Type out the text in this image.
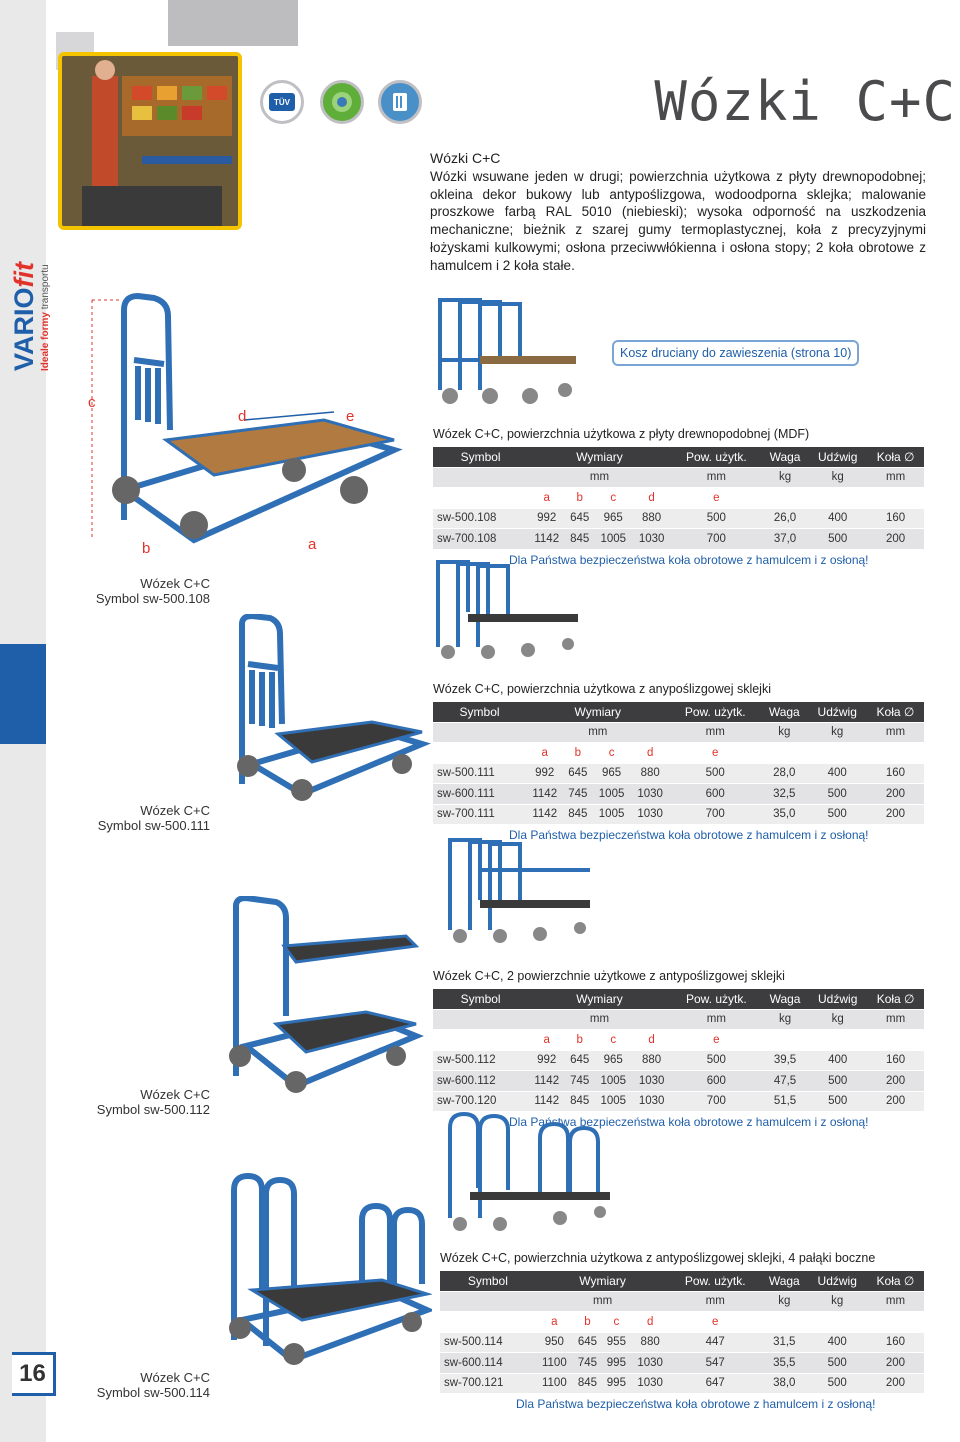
16
VARIOfit
Ideale formy transportu
TÜV	Wózki C+C
Wózki C+C
Wózki wsuwane jeden w drugi; powierzchnia użytkowa z płyty drewnopodobnej; okleina dekor bukowy lub antypoślizgowa, wodoodporna sklejka; malowanie proszkowe farbą RAL 5010 (niebieski); wysoka odporność na uszkodzenia mechaniczne; bieżnik z szarej gumy termoplastycznej, koła z precyzyjnymi łożyskami kulkowymi; osłona przeciwwłókienna i osłona stopy; 2 koła obrotowe z hamulcem i 2 koła stałe.
Kosz druciany do zawieszenia (strona 10)
c
d	e
b	a
Wózek C+C
Symbol sw-500.108
Wózek C+C, powierzchnia użytkowa z płyty drewnopodobnej (MDF)
Symbol	Wymiary				Pow. użytk.	Waga	Udźwig	Koła ∅
	mm				mm	kg	kg	mm
	a	b	c	d	e			
sw-500.108	992	645	965	880	500	26,0	400	160
sw-700.108	1142	845	1005	1030	700	37,0	500	200
Dla Państwa bezpieczeństwa koła obrotowe z hamulcem i z osłoną!
Wózek C+C
Symbol sw-500.111
Wózek C+C, powierzchnia użytkowa z anypoślizgowej sklejki
Symbol	Wymiary				Pow. użytk.	Waga	Udźwig	Koła ∅
	mm				mm	kg	kg	mm
	a	b	c	d	e			
sw-500.111	992	645	965	880	500	28,0	400	160
sw-600.111	1142	745	1005	1030	600	32,5	500	200
sw-700.111	1142	845	1005	1030	700	35,0	500	200
Dla Państwa bezpieczeństwa koła obrotowe z hamulcem i z osłoną!
Wózek C+C
Symbol sw-500.112
Wózek C+C, 2 powierzchnie użytkowe z antypoślizgowej sklejki
Symbol	Wymiary				Pow. użytk.	Waga	Udźwig	Koła ∅
	mm				mm	kg	kg	mm
	a	b	c	d	e			
sw-500.112	992	645	965	880	500	39,5	400	160
sw-600.112	1142	745	1005	1030	600	47,5	500	200
sw-700.120	1142	845	1005	1030	700	51,5	500	200
Dla Państwa bezpieczeństwa koła obrotowe z hamulcem i z osłoną!
Wózek C+C
Symbol sw-500.114
Wózek C+C, powierzchnia użytkowa z antypoślizgowej sklejki, 4 pałąki boczne
Symbol	Wymiary				Pow. użytk.	Waga	Udźwig	Koła ∅
	mm				mm	kg	kg	mm
	a	b	c	d	e			
sw-500.114	950	645	955	880	447	31,5	400	160
sw-600.114	1100	745	995	1030	547	35,5	500	200
sw-700.121	1100	845	995	1030	647	38,0	500	200
Dla Państwa bezpieczeństwa koła obrotowe z hamulcem i z osłoną!
